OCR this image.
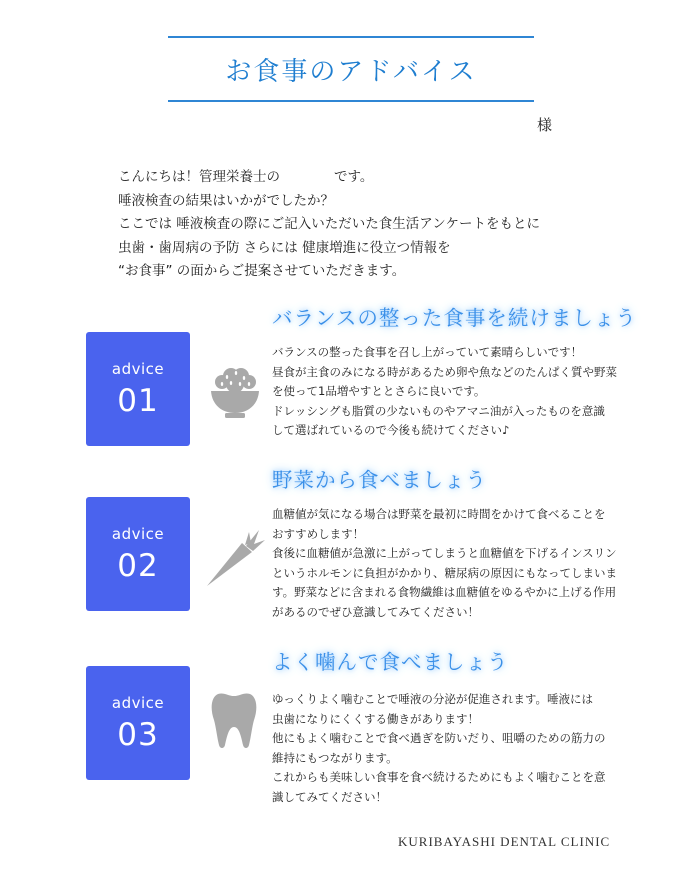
お食事のアドバイス
様
こんにちは！管理栄養士の　　　　です。
唾液検査の結果はいかがでしたか？
ここでは 唾液検査の際にご記入いただいた食生活アンケートをもとに
虫歯・歯周病の予防 さらには 健康増進に役立つ情報を
“お食事” の面からご提案させていただきます。
advice
01
バランスの整った食事を続けましょう
バランスの整った食事を召し上がっていて素晴らしいです！
昼食が主食のみになる時があるため卵や魚などのたんぱく質や野菜
を使って1品増やすととさらに良いです。
ドレッシングも脂質の少ないものやアマニ油が入ったものを意識
して選ばれているので今後も続けてください♪
advice
02
野菜から食べましょう
血糖値が気になる場合は野菜を最初に時間をかけて食べることを
おすすめします！
食後に血糖値が急激に上がってしまうと血糖値を下げるインスリン
というホルモンに負担がかかり、糖尿病の原因にもなってしまいま
す。野菜などに含まれる食物繊維は血糖値をゆるやかに上げる作用
があるのでぜひ意識してみてください！
advice
03
よく噛んで食べましょう
ゆっくりよく噛むことで唾液の分泌が促進されます。唾液には
虫歯になりにくくする働きがあります！
他にもよく噛むことで食べ過ぎを防いだり、咀嚼のための筋力の
維持にもつながります。
これからも美味しい食事を食べ続けるためにもよく噛むことを意
識してみてください！
KURIBAYASHI DENTAL CLINIC
